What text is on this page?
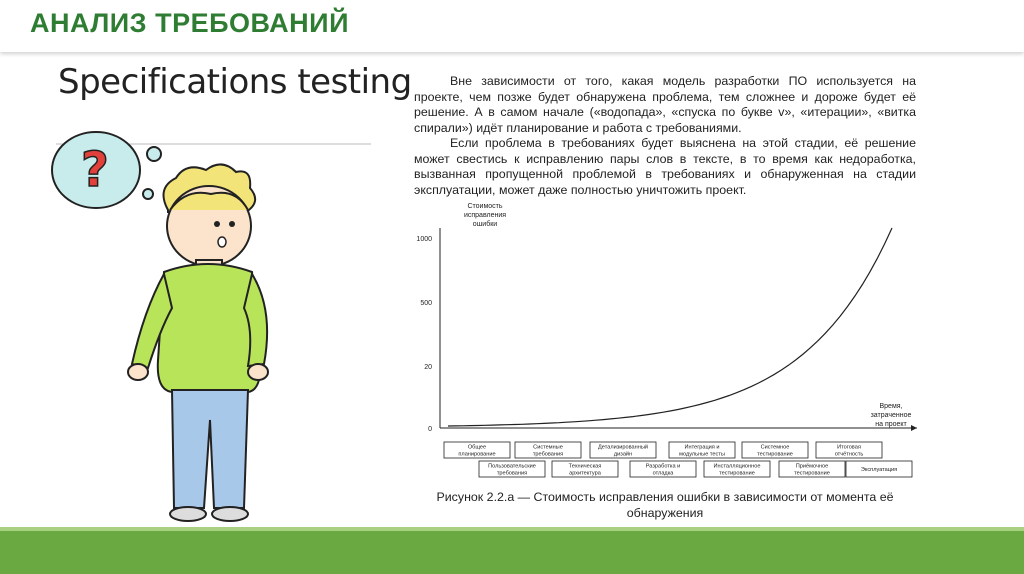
АНАЛИЗ ТРЕБОВАНИЙ
Specifications testing
?

Вне зависимости от того, какая модель разработки ПО используется на проекте, чем позже будет обнаружена проблема, тем сложнее и дороже будет её решение. А в самом начале («водопада», «спуска по букве v», «итерации», «витка спирали») идёт планирование и работа с требованиями.

Если проблема в требованиях будет выяснена на этой стадии, её решение может свестись к исправлению пары слов в тексте, в то время как недоработка, вызванная пропущенной проблемой в требованиях и обнаруженная на стадии эксплуатации, может даже полностью уничтожить проект.

Стоимость
исправления
ошибки
Время,
затраченное
на проект
1000
500
20
0
Общее
планирование
Системные
требования
Детализированный
дизайн
Интеграция и
модульные тесты
Системное
тестирование
Итоговая
отчётность
Пользовательские
требования
Техническая
архитектура
Разработка и
отладка
Инсталляционное
тестирование
Приёмочное
тестирование
Эксплуатация
Рисунок 2.2.а — Стоимость исправления ошибки в зависимости от момента её обнаружения
